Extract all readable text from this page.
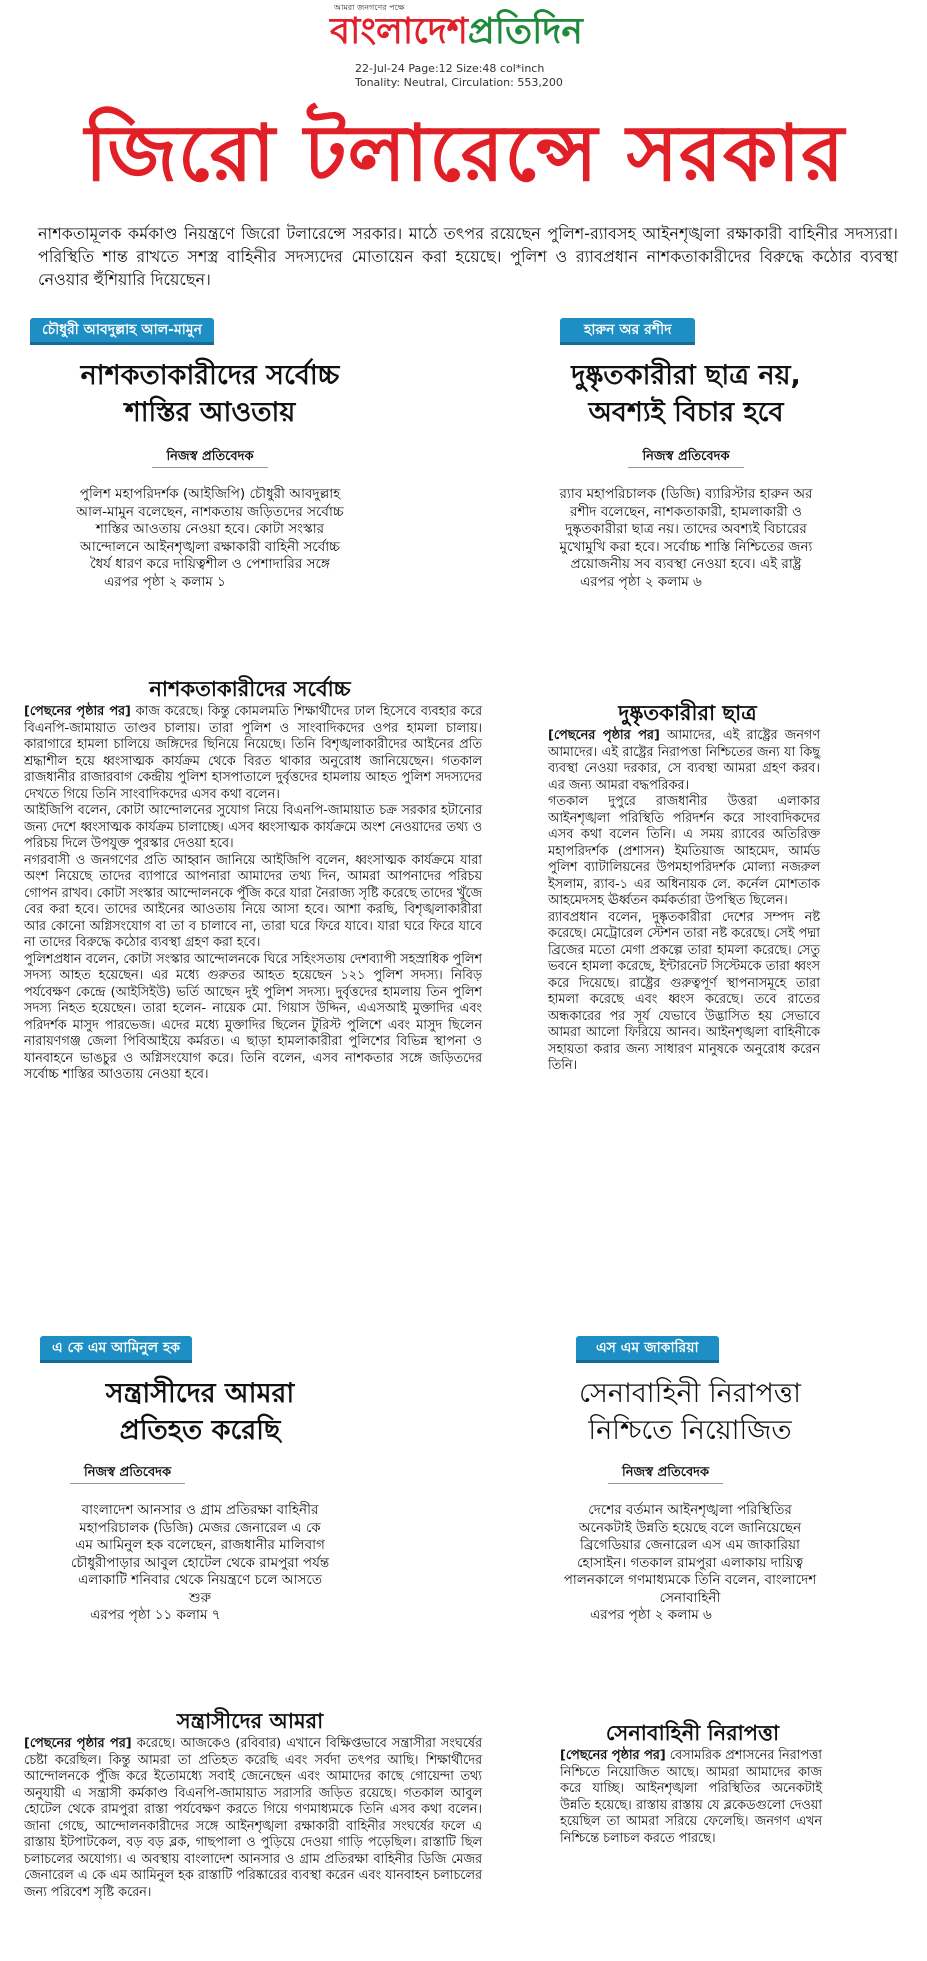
আমরা জনগণের পক্ষে
বাংলাদেশপ্রতিদিন
22-Jul-24 Page:12 Size:48 col*inch
Tonality: Neutral, Circulation: 553,200
জিরো টলারেন্সে সরকার
নাশকতামূলক কর্মকাণ্ড নিয়ন্ত্রণে জিরো টলারেন্সে সরকার। মাঠে তৎপর রয়েছেন পুলিশ-র‍্যাবসহ আইনশৃঙ্খলা রক্ষাকারী বাহিনীর সদস্যরা। পরিস্থিতি শান্ত রাখতে সশস্ত্র বাহিনীর সদস্যদের মোতায়েন করা হয়েছে। পুলিশ ও র‍্যাবপ্রধান নাশকতাকারীদের বিরুদ্ধে কঠোর ব্যবস্থা নেওয়ার হুঁশিয়ারি দিয়েছেন।
চৌধুরী আবদুল্লাহ আল-মামুন
নাশকতাকারীদের সর্বোচ্চ শাস্তির আওতায়
নিজস্ব প্রতিবেদক
পুলিশ মহাপরিদর্শক (আইজিপি) চৌধুরী আবদুল্লাহ আল-মামুন বলেছেন, নাশকতায় জড়িতদের সর্বোচ্চ শাস্তির আওতায় নেওয়া হবে। কোটা সংস্কার আন্দোলনে আইনশৃঙ্খলা রক্ষাকারী বাহিনী সর্বোচ্চ ধৈর্য ধারণ করে দায়িত্বশীল ও পেশাদারির সঙ্গে
এরপর পৃষ্ঠা ২ কলাম ১
নাশকতাকারীদের সর্বোচ্চ
[পেছনের পৃষ্ঠার পর] কাজ করেছে। কিন্তু কোমলমতি শিক্ষার্থীদের ঢাল হিসেবে ব্যবহার করে বিএনপি-জামায়াত তাণ্ডব চালায়। তারা পুলিশ ও সাংবাদিকদের ওপর হামলা চালায়। কারাগারে হামলা চালিয়ে জঙ্গিদের ছিনিয়ে নিয়েছে। তিনি বিশৃঙ্খলাকারীদের আইনের প্রতি শ্রদ্ধাশীল হয়ে ধ্বংসাত্মক কার্যক্রম থেকে বিরত থাকার অনুরোধ জানিয়েছেন। গতকাল রাজধানীর রাজারবাগ কেন্দ্রীয় পুলিশ হাসপাতালে দুর্বৃত্তদের হামলায় আহত পুলিশ সদস্যদের দেখতে গিয়ে তিনি সাংবাদিকদের এসব কথা বলেন।
আইজিপি বলেন, কোটা আন্দোলনের সুযোগ নিয়ে বিএনপি-জামায়াত চক্র সরকার হটানোর জন্য দেশে ধ্বংসাত্মক কার্যক্রম চালাচ্ছে। এসব ধ্বংসাত্মক কার্যক্রমে অংশ নেওয়াদের তথ্য ও পরিচয় দিলে উপযুক্ত পুরস্কার দেওয়া হবে।
নগরবাসী ও জনগণের প্রতি আহ্বান জানিয়ে আইজিপি বলেন, ধ্বংসাত্মক কার্যক্রমে যারা অংশ নিয়েছে তাদের ব্যাপারে আপনারা আমাদের তথ্য দিন, আমরা আপনাদের পরিচয় গোপন রাখব। কোটা সংস্কার আন্দোলনকে পুঁজি করে যারা নৈরাজ্য সৃষ্টি করেছে তাদের খুঁজে বের করা হবে। তাদের আইনের আওতায় নিয়ে আসা হবে। আশা করছি, বিশৃঙ্খলাকারীরা আর কোনো অগ্নিসংযোগ বা তা ব চালাবে না, তারা ঘরে ফিরে যাবে। যারা ঘরে ফিরে যাবে না তাদের বিরুদ্ধে কঠোর ব্যবস্থা গ্রহণ করা হবে।
পুলিশপ্রধান বলেন, কোটা সংস্কার আন্দোলনকে ঘিরে সহিংসতায় দেশব্যাপী সহস্রাধিক পুলিশ সদস্য আহত হয়েছেন। এর মধ্যে গুরুতর আহত হয়েছেন ১২১ পুলিশ সদস্য। নিবিড় পর্যবেক্ষণ কেন্দ্রে (আইসিইউ) ভর্তি আছেন দুই পুলিশ সদস্য। দুর্বৃত্তদের হামলায় তিন পুলিশ সদস্য নিহত হয়েছেন। তারা হলেন- নায়েক মো. গিয়াস উদ্দিন, এএসআই মুক্তাদির এবং পরিদর্শক মাসুদ পারভেজ। এদের মধ্যে মুক্তাদির ছিলেন টুরিস্ট পুলিশে এবং মাসুদ ছিলেন নারায়ণগঞ্জ জেলা পিবিআইয়ে কর্মরত। এ ছাড়া হামলাকারীরা পুলিশের বিভিন্ন স্থাপনা ও যানবাহনে ভাঙচুর ও অগ্নিসংযোগ করে। তিনি বলেন, এসব নাশকতার সঙ্গে জড়িতদের সর্বোচ্চ শাস্তির আওতায় নেওয়া হবে।
হারুন অর রশীদ
দুষ্কৃতকারীরা ছাত্র নয়, অবশ্যই বিচার হবে
নিজস্ব প্রতিবেদক
র‍্যাব মহাপরিচালক (ডিজি) ব্যারিস্টার হারুন অর রশীদ বলেছেন, নাশকতাকারী, হামলাকারী ও দুষ্কৃতকারীরা ছাত্র নয়। তাদের অবশ্যই বিচারের মুখোমুখি করা হবে। সর্বোচ্চ শাস্তি নিশ্চিতের জন্য প্রয়োজনীয় সব ব্যবস্থা নেওয়া হবে। এই রাষ্ট্র
এরপর পৃষ্ঠা ২ কলাম ৬
দুষ্কৃতকারীরা ছাত্র
[পেছনের পৃষ্ঠার পর] আমাদের, এই রাষ্ট্রের জনগণ আমাদের। এই রাষ্ট্রের নিরাপত্তা নিশ্চিতের জন্য যা কিছু ব্যবস্থা নেওয়া দরকার, সে ব্যবস্থা আমরা গ্রহণ করব। এর জন্য আমরা বদ্ধপরিকর।
গতকাল দুপুরে রাজধানীর উত্তরা এলাকার আইনশৃঙ্খলা পরিস্থিতি পরিদর্শন করে সাংবাদিকদের এসব কথা বলেন তিনি। এ সময় র‍্যাবের অতিরিক্ত মহাপরিদর্শক (প্রশাসন) ইমতিয়াজ আহমেদ, আর্মড পুলিশ ব্যাটালিয়নের উপমহাপরিদর্শক মোল্যা নজরুল ইসলাম, র‍্যাব-১ এর অধিনায়ক লে. কর্নেল মোশতাক আহমেদসহ ঊর্ধ্বতন কর্মকর্তারা উপস্থিত ছিলেন।
র‍্যাবপ্রধান বলেন, দুষ্কৃতকারীরা দেশের সম্পদ নষ্ট করেছে। মেট্রোরেল স্টেশন তারা নষ্ট করেছে। সেই পদ্মা ব্রিজের মতো মেগা প্রকল্পে তারা হামলা করেছে। সেতু ভবনে হামলা করেছে, ইন্টারনেট সিস্টেমকে তারা ধ্বংস করে দিয়েছে। রাষ্ট্রের গুরুত্বপূর্ণ স্থাপনাসমূহে তারা হামলা করেছে এবং ধ্বংস করেছে। তবে রাতের অন্ধকারের পর সূর্য যেভাবে উদ্ভাসিত হয় সেভাবে আমরা আলো ফিরিয়ে আনব। আইনশৃঙ্খলা বাহিনীকে সহায়তা করার জন্য সাধারণ মানুষকে অনুরোধ করেন তিনি।
এ কে এম আমিনুল হক
সন্ত্রাসীদের আমরা প্রতিহত করেছি
নিজস্ব প্রতিবেদক
বাংলাদেশ আনসার ও গ্রাম প্রতিরক্ষা বাহিনীর মহাপরিচালক (ডিজি) মেজর জেনারেল এ কে এম আমিনুল হক বলেছেন, রাজধানীর মালিবাগ চৌধুরীপাড়ার আবুল হোটেল থেকে রামপুরা পর্যন্ত এলাকাটি শনিবার থেকে নিয়ন্ত্রণে চলে আসতে শুরু
এরপর পৃষ্ঠা ১১ কলাম ৭
সন্ত্রাসীদের আমরা
[পেছনের পৃষ্ঠার পর] করেছে। আজকেও (রবিবার) এখানে বিক্ষিপ্তভাবে সন্ত্রাসীরা সংঘর্ষের চেষ্টা করেছিল। কিন্তু আমরা তা প্রতিহত করেছি এবং সর্বদা তৎপর আছি। শিক্ষার্থীদের আন্দোলনকে পুঁজি করে ইতোমধ্যে সবাই জেনেছেন এবং আমাদের কাছে গোয়েন্দা তথ্য অনুযায়ী এ সন্ত্রাসী কর্মকাণ্ড বিএনপি-জামায়াত সরাসরি জড়িত রয়েছে। গতকাল আবুল হোটেল থেকে রামপুরা রাস্তা পর্যবেক্ষণ করতে গিয়ে গণমাধ্যমকে তিনি এসব কথা বলেন। জানা গেছে, আন্দোলনকারীদের সঙ্গে আইনশৃঙ্খলা রক্ষাকারী বাহিনীর সংঘর্ষের ফলে এ রাস্তায় ইটপাটকেল, বড় বড় ব্লক, গাছপালা ও পুড়িয়ে দেওয়া গাড়ি পড়েছিল। রাস্তাটি ছিল চলাচলের অযোগ্য। এ অবস্থায় বাংলাদেশ আনসার ও গ্রাম প্রতিরক্ষা বাহিনীর ডিজি মেজর জেনারেল এ কে এম আমিনুল হক রাস্তাটি পরিষ্কারের ব্যবস্থা করেন এবং যানবাহন চলাচলের জন্য পরিবেশ সৃষ্টি করেন।
এস এম জাকারিয়া
সেনাবাহিনী নিরাপত্তা নিশ্চিতে নিয়োজিত
নিজস্ব প্রতিবেদক
দেশের বর্তমান আইনশৃঙ্খলা পরিস্থিতির অনেকটাই উন্নতি হয়েছে বলে জানিয়েছেন ব্রিগেডিয়ার জেনারেল এস এম জাকারিয়া হোসাইন। গতকাল রামপুরা এলাকায় দায়িত্ব পালনকালে গণমাধ্যমকে তিনি বলেন, বাংলাদেশ সেনাবাহিনী
এরপর পৃষ্ঠা ২ কলাম ৬
সেনাবাহিনী নিরাপত্তা
[পেছনের পৃষ্ঠার পর] বেসামরিক প্রশাসনের নিরাপত্তা নিশ্চিতে নিয়োজিত আছে। আমরা আমাদের কাজ করে যাচ্ছি। আইনশৃঙ্খলা পরিস্থিতির অনেকটাই উন্নতি হয়েছে। রাস্তায় রাস্তায় যে ব্লকেডগুলো দেওয়া হয়েছিল তা আমরা সরিয়ে ফেলেছি। জনগণ এখন নিশ্চিন্তে চলাচল করতে পারছে।
